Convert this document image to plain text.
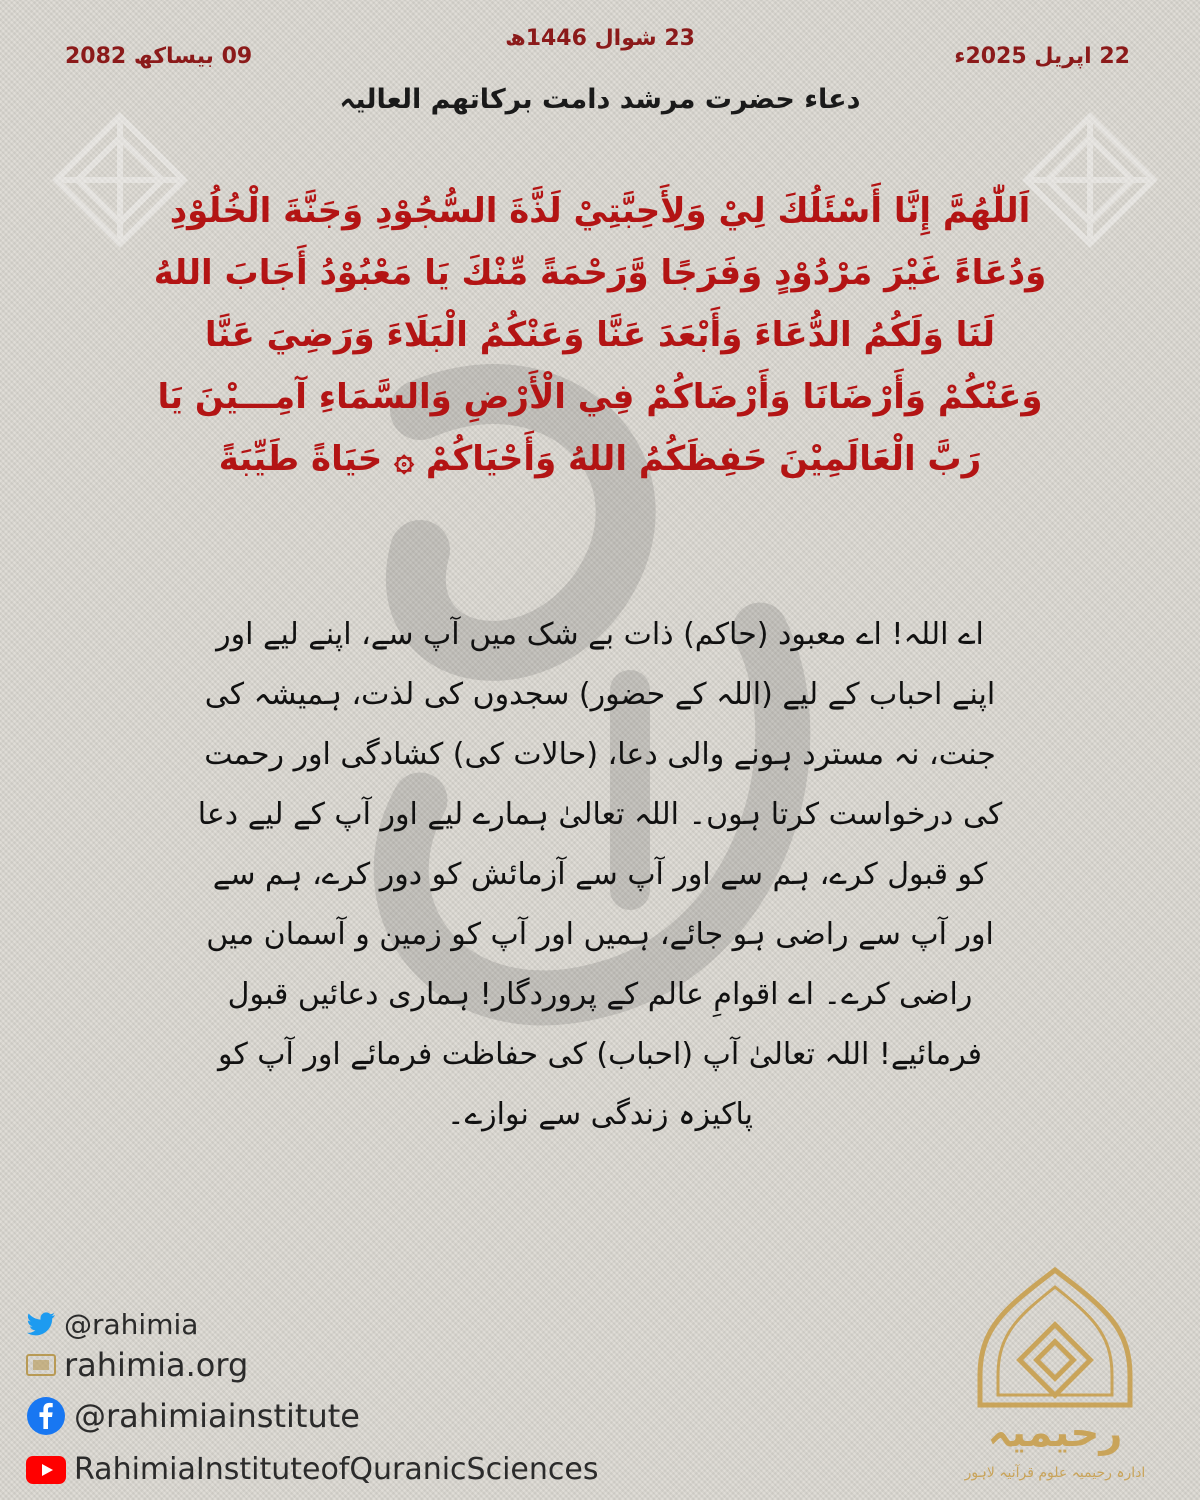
22 اپریل 2025ء
23 شوال 1446ھ
09 بیساکھ 2082
دعاء حضرت مرشد دامت برکاتھم العالیہ
اَللّٰهُمَّ إِنَّا أَسْئَلُكَ لِيْ وَلِأَحِبَّتِيْ لَذَّةَ السُّجُوْدِ وَجَنَّةَ الْخُلُوْدِ وَدُعَاءً غَيْرَ مَرْدُوْدٍ وَفَرَجًا وَّرَحْمَةً مِّنْكَ يَا مَعْبُوْدُ أَجَابَ اللهُ لَنَا وَلَكُمُ الدُّعَاءَ وَأَبْعَدَ عَنَّا وَعَنْكُمُ الْبَلَاءَ وَرَضِيَ عَنَّا وَعَنْكُمْ وَأَرْضَانَا وَأَرْضَاكُمْ فِي الْأَرْضِ وَالسَّمَاءِ آمِـــيْنَ يَا رَبَّ الْعَالَمِيْنَ حَفِظَكُمُ اللهُ وَأَحْيَاكُمْ ۞ حَيَاةً طَيِّبَةً
اے اللہ! اے معبود (حاکم) ذات بے شک میں آپ سے، اپنے لیے اور اپنے احباب کے لیے (اللہ کے حضور) سجدوں کی لذت، ہمیشہ کی جنت، نہ مسترد ہونے والی دعا، (حالات کی) کشادگی اور رحمت کی درخواست کرتا ہوں۔ اللہ تعالیٰ ہمارے لیے اور آپ کے لیے دعا کو قبول کرے، ہم سے اور آپ سے آزمائش کو دور کرے، ہم سے اور آپ سے راضی ہو جائے، ہمیں اور آپ کو زمین و آسمان میں راضی کرے۔ اے اقوامِ عالم کے پروردگار! ہماری دعائیں قبول فرمائیے! اللہ تعالیٰ آپ (احباب) کی حفاظت فرمائے اور آپ کو پاکیزہ زندگی سے نوازے۔
@rahimia
rahimia.org
@rahimiainstitute
RahimiaInstituteofQuranicSciences
رحیمیہ
ادارہ رحیمیہ علوم قرآنیہ لاہور
